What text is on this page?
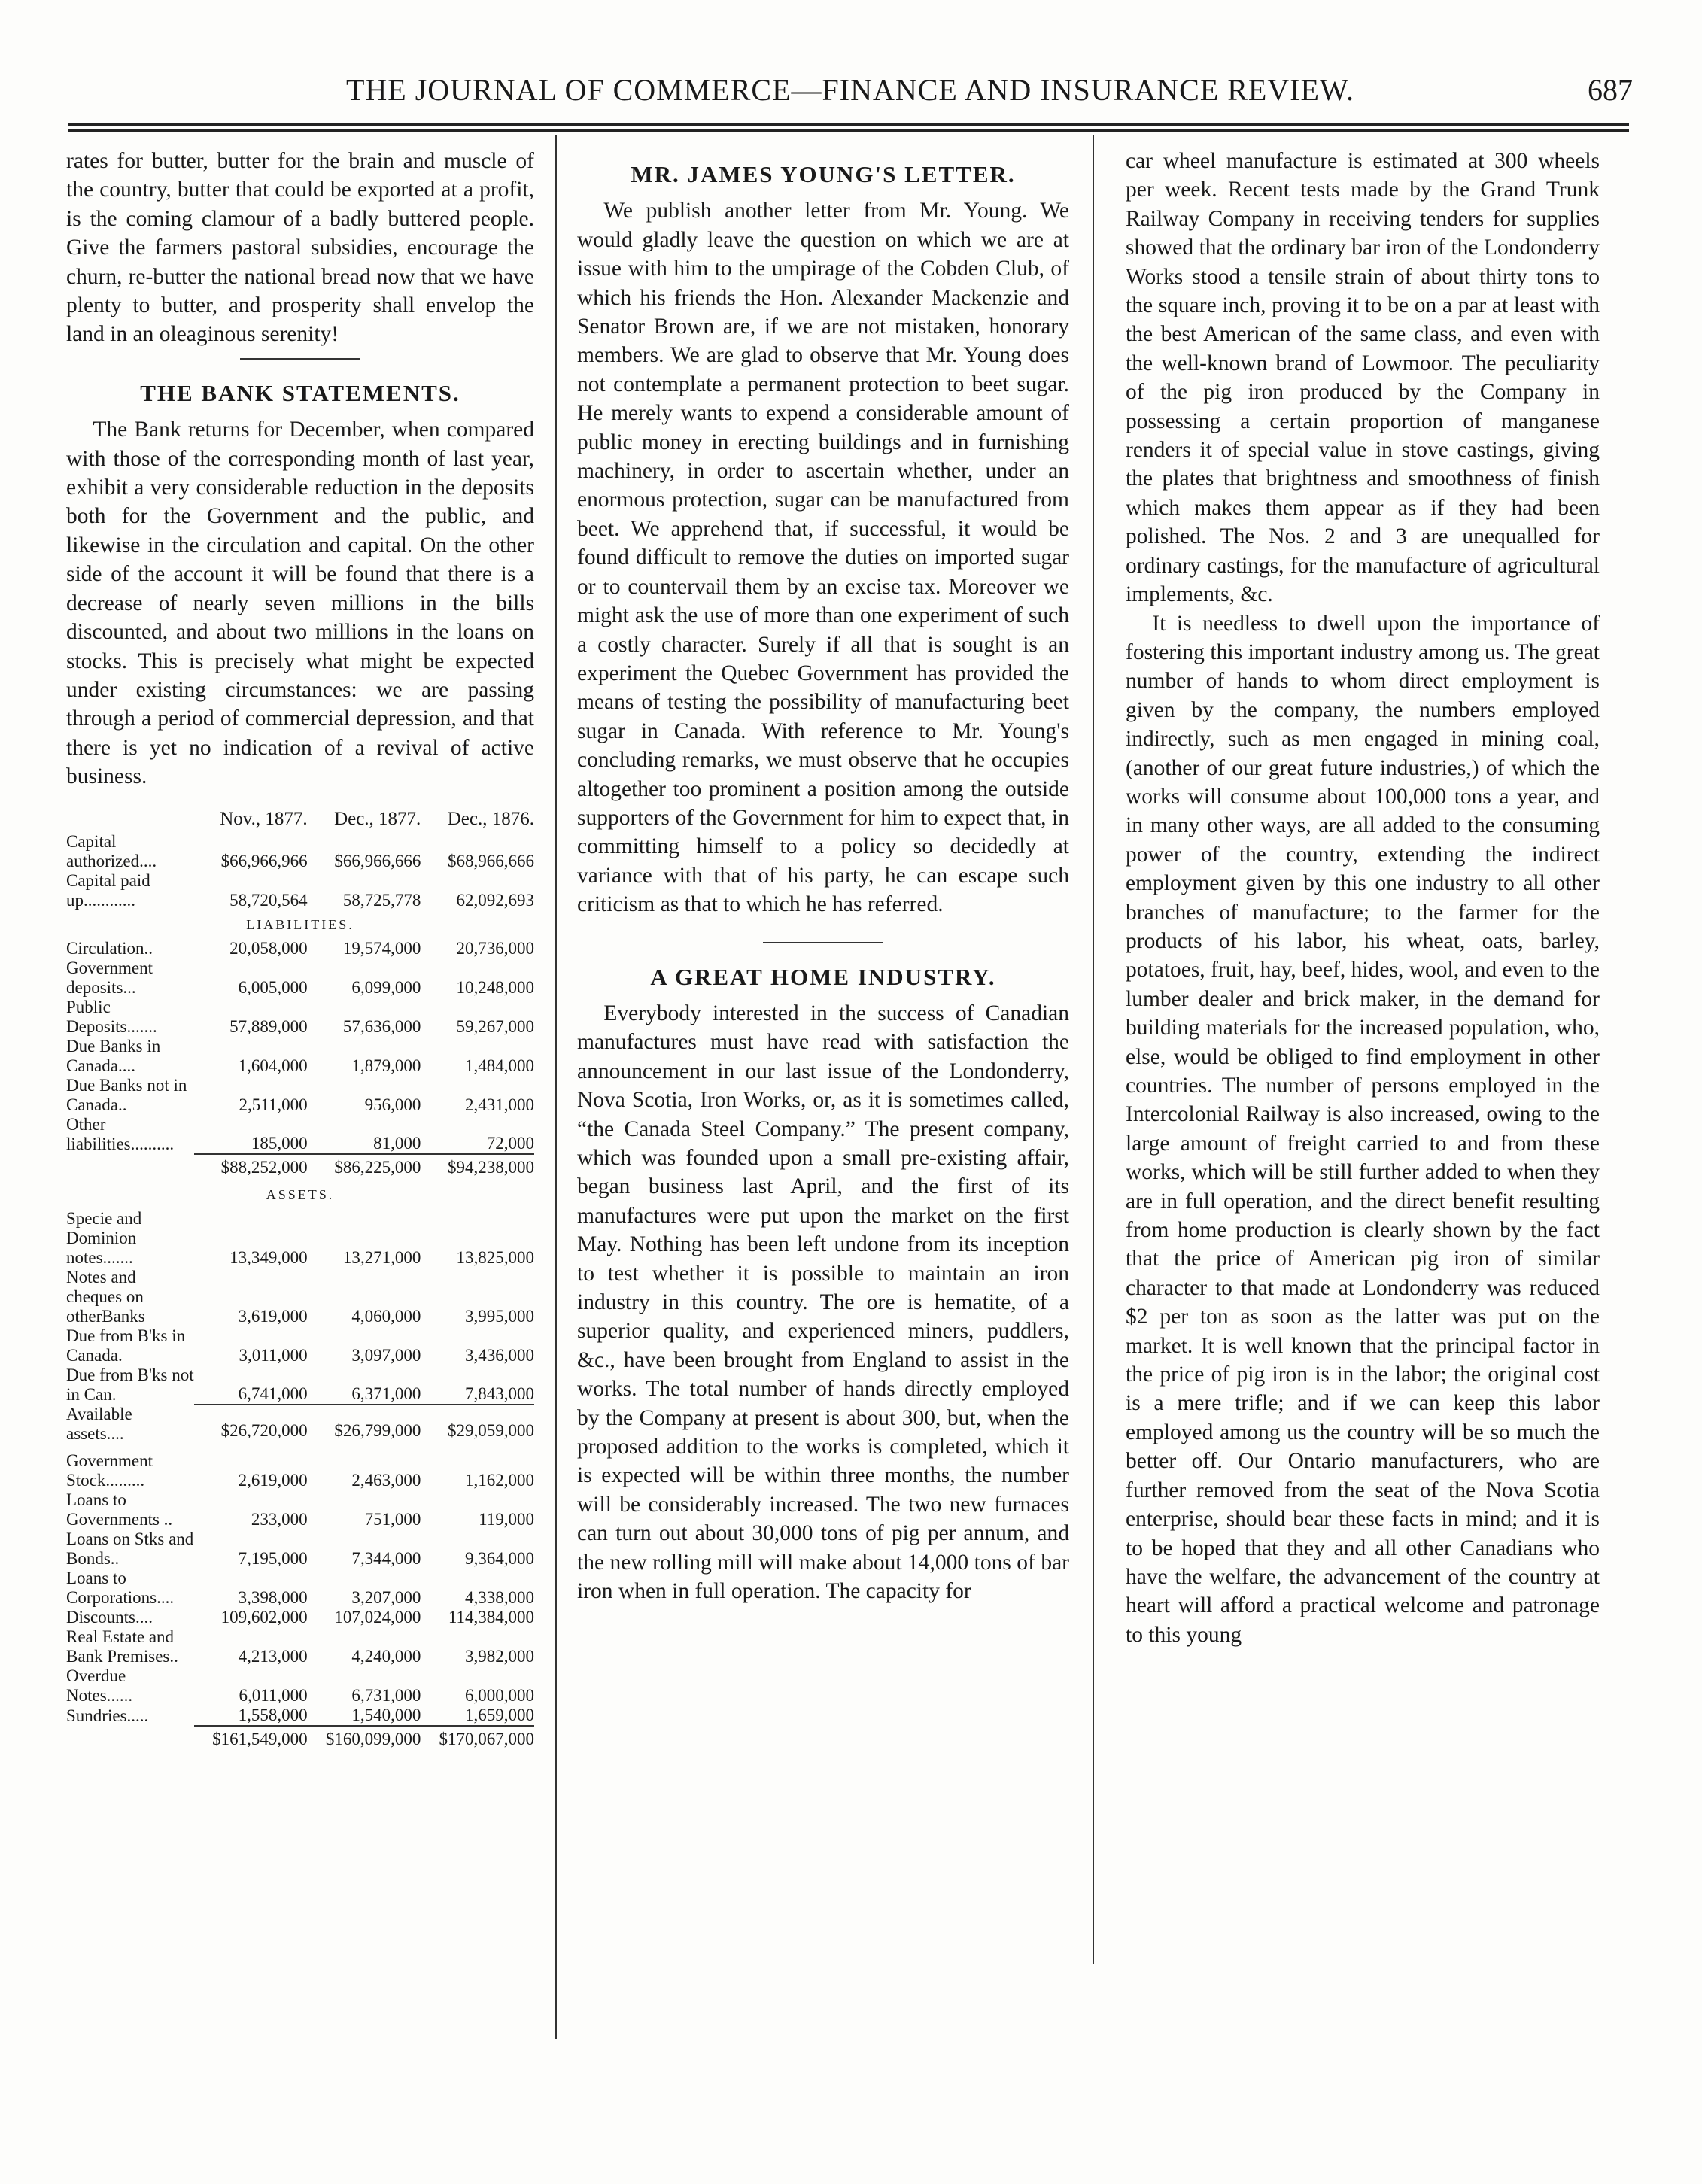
THE JOURNAL OF COMMERCE—FINANCE AND INSURANCE REVIEW.	687

rates for butter, butter for the brain and muscle of the country, butter that could be exported at a profit, is the coming clamour of a badly buttered people. Give the farmers pastoral subsidies, encourage the churn, re-butter the national bread now that we have plenty to butter, and prosperity shall envelop the land in an oleaginous serenity!

THE BANK STATEMENTS.

The Bank returns for December, when compared with those of the corresponding month of last year, exhibit a very considerable reduction in the deposits both for the Government and the public, and likewise in the circulation and capital. On the other side of the account it will be found that there is a decrease of nearly seven millions in the bills discounted, and about two millions in the loans on stocks. This is precisely what might be expected under existing circumstances: we are passing through a period of commercial depression, and that there is yet no indication of a revival of active business.

	Nov., 1877.	Dec., 1877.	Dec., 1876.
Capital authorized....	$66,966,966	$66,966,666	$68,966,666
Capital paid up............	58,720,564	58,725,778	62,092,693
LIABILITIES.			
Circulation..	20,058,000	19,574,000	20,736,000
Government deposits...	6,005,000	6,099,000	10,248,000
Public Deposits.......	57,889,000	57,636,000	59,267,000
Due Banks in Canada....	1,604,000	1,879,000	1,484,000
Due Banks not in Canada..	2,511,000	956,000	2,431,000
Other liabilities..........	185,000	81,000	72,000
	$88,252,000	$86,225,000	$94,238,000
ASSETS.			
Specie and Dominion notes.......	13,349,000	13,271,000	13,825,000
Notes and cheques on otherBanks	3,619,000	4,060,000	3,995,000
Due from B'ks in Canada.	3,011,000	3,097,000	3,436,000
Due from B'ks not in Can.	6,741,000	6,371,000	7,843,000
Available assets....	$26,720,000	$26,799,000	$29,059,000

Government Stock.........	2,619,000	2,463,000	1,162,000
Loans to Governments ..	233,000	751,000	119,000
Loans on Stks and Bonds..	7,195,000	7,344,000	9,364,000
Loans to Corporations....	3,398,000	3,207,000	4,338,000
Discounts....	109,602,000	107,024,000	114,384,000
Real Estate and Bank Premises..	4,213,000	4,240,000	3,982,000
Overdue Notes......	6,011,000	6,731,000	6,000,000
Sundries.....	1,558,000	1,540,000	1,659,000
	$161,549,000	$160,099,000	$170,067,000
MR. JAMES YOUNG'S LETTER.

We publish another letter from Mr. Young. We would gladly leave the question on which we are at issue with him to the umpirage of the Cobden Club, of which his friends the Hon. Alexander Mackenzie and Senator Brown are, if we are not mistaken, honorary members. We are glad to observe that Mr. Young does not contemplate a permanent protection to beet sugar. He merely wants to expend a considerable amount of public money in erecting buildings and in furnishing machinery, in order to ascertain whether, under an enormous protection, sugar can be manufactured from beet. We apprehend that, if successful, it would be found difficult to remove the duties on imported sugar or to countervail them by an excise tax. Moreover we might ask the use of more than one experiment of such a costly character. Surely if all that is sought is an experiment the Quebec Government has provided the means of testing the possibility of manufacturing beet sugar in Canada. With reference to Mr. Young's concluding remarks, we must observe that he occupies altogether too prominent a position among the outside supporters of the Government for him to expect that, in committing himself to a policy so decidedly at variance with that of his party, he can escape such criticism as that to which he has referred.

A GREAT HOME INDUSTRY.

Everybody interested in the success of Canadian manufactures must have read with satisfaction the announcement in our last issue of the Londonderry, Nova Scotia, Iron Works, or, as it is sometimes called, “the Canada Steel Company.” The present company, which was founded upon a small pre-existing affair, began business last April, and the first of its manufactures were put upon the market on the first May. Nothing has been left undone from its inception to test whether it is possible to maintain an iron industry in this country. The ore is hematite, of a superior quality, and experienced miners, puddlers, &c., have been brought from England to assist in the works. The total number of hands directly employed by the Company at present is about 300, but, when the proposed addition to the works is completed, which it is expected will be within three months, the number will be considerably increased. The two new furnaces can turn out about 30,000 tons of pig per annum, and the new rolling mill will make about 14,000 tons of bar iron when in full operation. The capacity for

car wheel manufacture is estimated at 300 wheels per week. Recent tests made by the Grand Trunk Railway Company in receiving tenders for supplies showed that the ordinary bar iron of the Londonderry Works stood a tensile strain of about thirty tons to the square inch, proving it to be on a par at least with the best American of the same class, and even with the well-known brand of Lowmoor. The peculiarity of the pig iron produced by the Company in possessing a certain proportion of manganese renders it of special value in stove castings, giving the plates that brightness and smoothness of finish which makes them appear as if they had been polished. The Nos. 2 and 3 are unequalled for ordinary castings, for the manufacture of agricultural implements, &c.

It is needless to dwell upon the importance of fostering this important industry among us. The great number of hands to whom direct employment is given by the company, the numbers employed indirectly, such as men engaged in mining coal, (another of our great future industries,) of which the works will consume about 100,000 tons a year, and in many other ways, are all added to the consuming power of the country, extending the indirect employment given by this one industry to all other branches of manufacture; to the farmer for the products of his labor, his wheat, oats, barley, potatoes, fruit, hay, beef, hides, wool, and even to the lumber dealer and brick maker, in the demand for building materials for the increased population, who, else, would be obliged to find employment in other countries. The number of persons employed in the Intercolonial Railway is also increased, owing to the large amount of freight carried to and from these works, which will be still further added to when they are in full operation, and the direct benefit resulting from home production is clearly shown by the fact that the price of American pig iron of similar character to that made at Londonderry was reduced $2 per ton as soon as the latter was put on the market. It is well known that the principal factor in the price of pig iron is in the labor; the original cost is a mere trifle; and if we can keep this labor employed among us the country will be so much the better off. Our Ontario manufacturers, who are further removed from the seat of the Nova Scotia enterprise, should bear these facts in mind; and it is to be hoped that they and all other Canadians who have the welfare, the advancement of the country at heart will afford a practical welcome and patronage to this young
